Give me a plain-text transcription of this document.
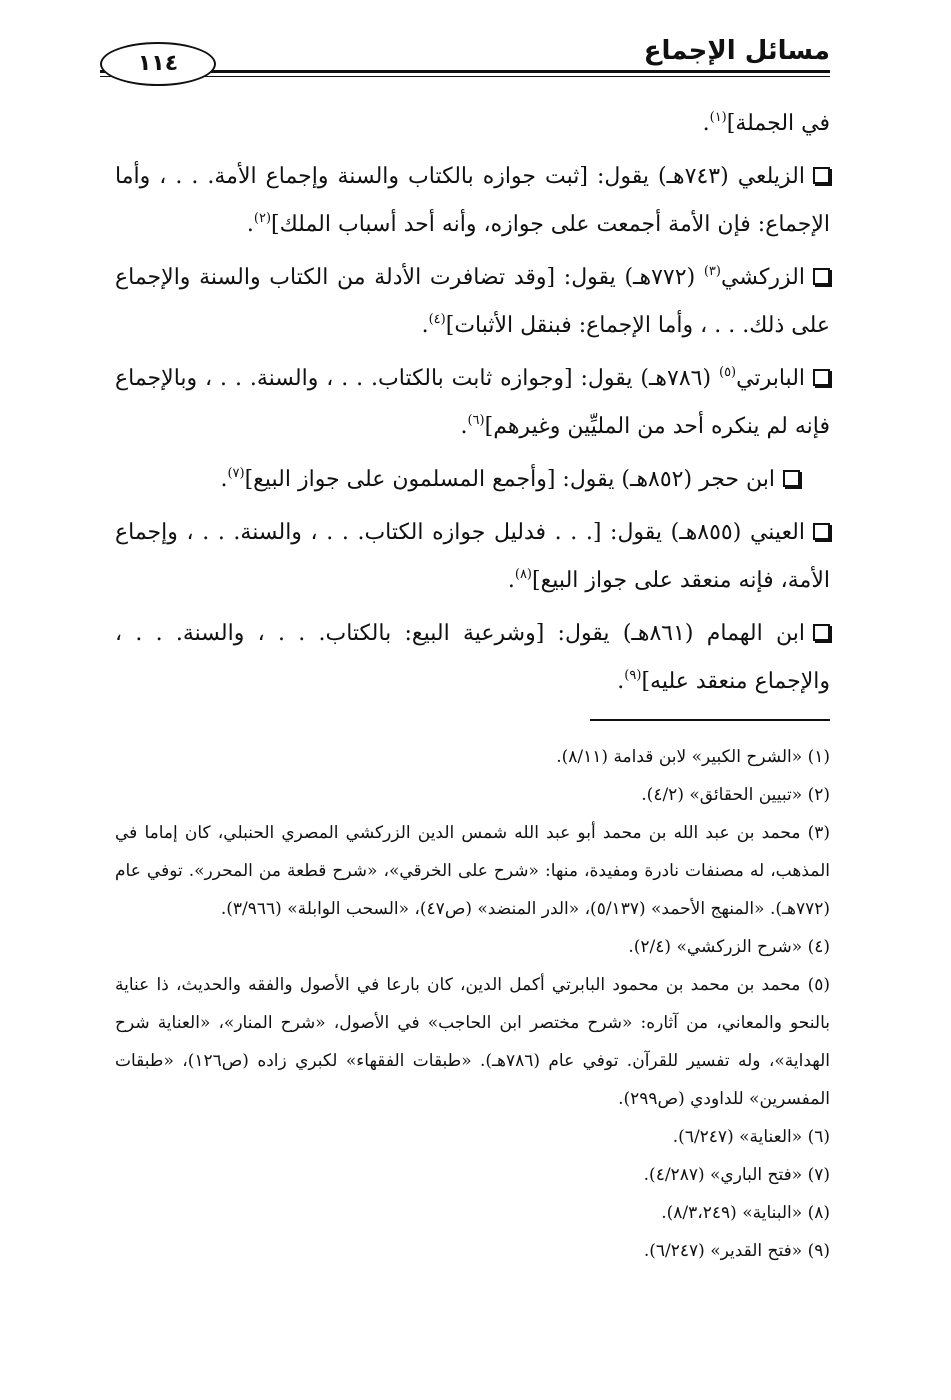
مسائل الإجماع
١١٤

في الجملة]$^{(١)}$.

الزيلعي (٧٤٣هـ) يقول: [ثبت جوازه بالكتاب والسنة وإجماع الأمة. . . ، وأما الإجماع: فإن الأمة أجمعت على جوازه، وأنه أحد أسباب الملك]$^{(٢)}$.

الزركشي$^{(٣)}$ (٧٧٢هـ) يقول: [وقد تضافرت الأدلة من الكتاب والسنة والإجماع على ذلك. . . ، وأما الإجماع: فبنقل الأثبات]$^{(٤)}$.

البابرتي$^{(٥)}$ (٧٨٦هـ) يقول: [وجوازه ثابت بالكتاب. . . ، والسنة. . . ، وبالإجماع فإنه لم ينكره أحد من المليِّين وغيرهم]$^{(٦)}$.

ابن حجر (٨٥٢هـ) يقول: [وأجمع المسلمون على جواز البيع]$^{(٧)}$.

العيني (٨٥٥هـ) يقول: [. . . فدليل جوازه الكتاب. . . ، والسنة. . . ، وإجماع الأمة، فإنه منعقد على جواز البيع]$^{(٨)}$.

ابن الهمام (٨٦١هـ) يقول: [وشرعية البيع: بالكتاب. . . ، والسنة. . . ، والإجماع منعقد عليه]$^{(٩)}$.

(١) «الشرح الكبير» لابن قدامة (٨/١١).

(٢) «تبيين الحقائق» (٤/٢).

(٣) محمد بن عبد الله بن محمد أبو عبد الله شمس الدين الزركشي المصري الحنبلي، كان إماما في المذهب، له مصنفات نادرة ومفيدة، منها: «شرح على الخرقي»، «شرح قطعة من المحرر». توفي عام (٧٧٢هـ). «المنهج الأحمد» (٥/١٣٧)، «الدر المنضد» (ص٤٧)، «السحب الوابلة» (٣/٩٦٦).

(٤) «شرح الزركشي» (٢/٤).

(٥) محمد بن محمد بن محمود البابرتي أكمل الدين، كان بارعا في الأصول والفقه والحديث، ذا عناية بالنحو والمعاني، من آثاره: «شرح مختصر ابن الحاجب» في الأصول، «شرح المنار»، «العناية شرح الهداية»، وله تفسير للقرآن. توفي عام (٧٨٦هـ). «طبقات الفقهاء» لكبري زاده (ص١٢٦)، «طبقات المفسرين» للداودي (ص٢٩٩).

(٦) «العناية» (٦/٢٤٧).

(٧) «فتح الباري» (٤/٢٨٧).

(٨) «البناية» (٨/٣،٢٤٩).

(٩) «فتح القدير» (٦/٢٤٧).
